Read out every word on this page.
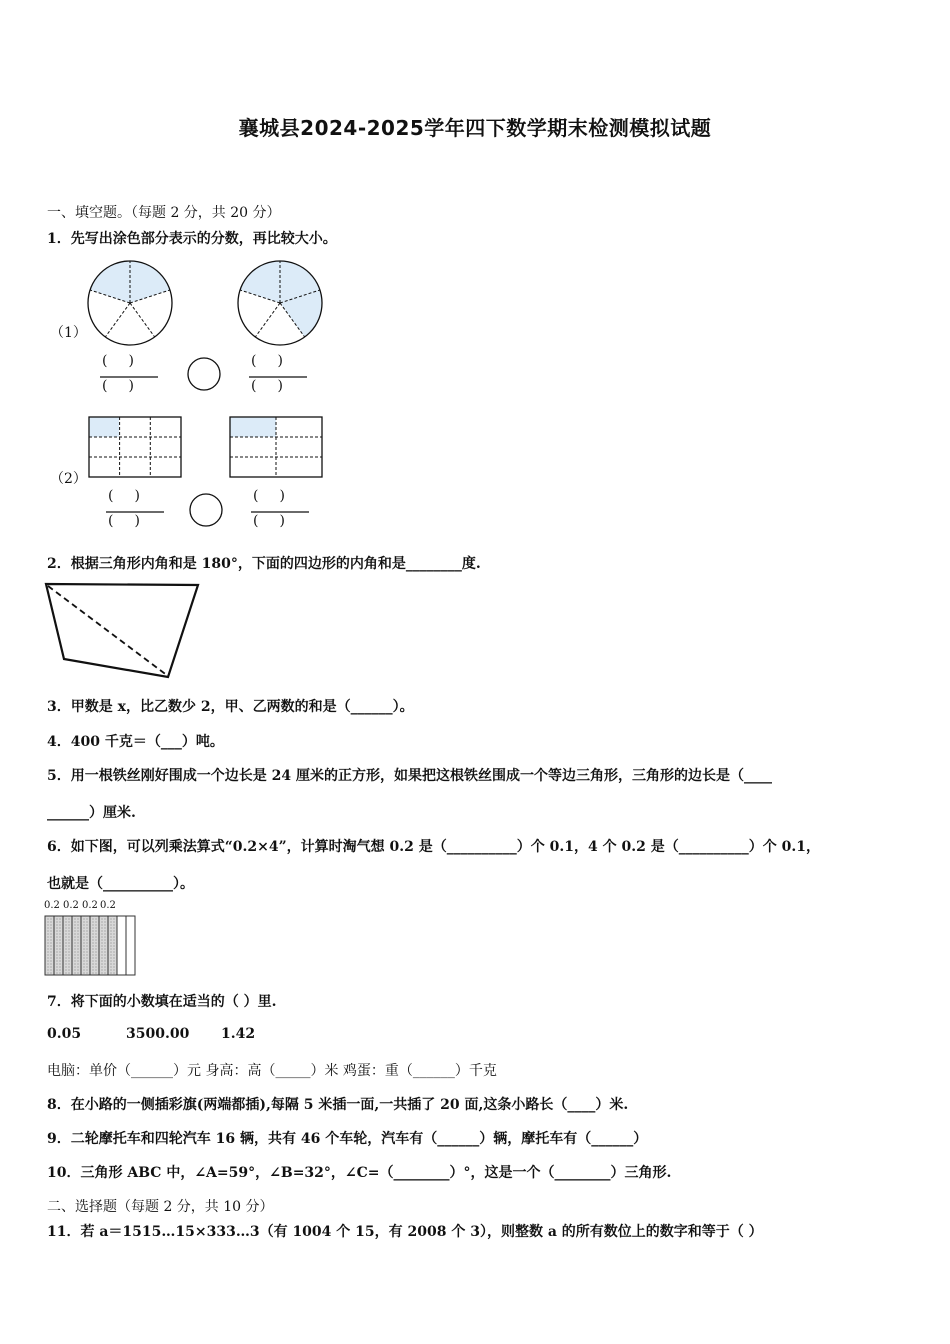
襄城县2024-2025学年四下数学期末检测模拟试题
一、填空题。（每题 2 分，共 20 分）
1．先写出涂色部分表示的分数，再比较大小。
（1）
（2）
(   )
(   )
(   )
(   )
(   )
(   )
(   )
(   )
2．根据三角形内角和是 180°，下面的四边形的内角和是________度.
3．甲数是 x，比乙数少 2，甲、乙两数的和是（______）。
4．400 千克＝（___）吨。
5．用一根铁丝刚好围成一个边长是 24 厘米的正方形，如果把这根铁丝围成一个等边三角形，三角形的边长是（____
______）厘米.
6．如下图，可以列乘法算式“0.2×4”，计算时淘气想 0.2 是（__________）个 0.1，4 个 0.2 是（__________）个 0.1，
也就是（__________）。
0.2 0.2 0.2 0.2
7．将下面的小数填在适当的（ ）里.
0.05	3500.00 1.42
电脑：单价（______）元 身高：高（_____）米 鸡蛋：重（______）千克
8．在小路的一侧插彩旗(两端都插),每隔 5 米插一面,一共插了 20 面,这条小路长（____）米.
9．二轮摩托车和四轮汽车 16 辆，共有 46 个车轮，汽车有（______）辆，摩托车有（______）
10．三角形 ABC 中，∠A=59°，∠B=32°，∠C=（________）°，这是一个（________）三角形.
二、选择题（每题 2 分，共 10 分）
11．若 a＝1515…15×333…3（有 1004 个 15，有 2008 个 3），则整数 a 的所有数位上的数字和等于（ ）
